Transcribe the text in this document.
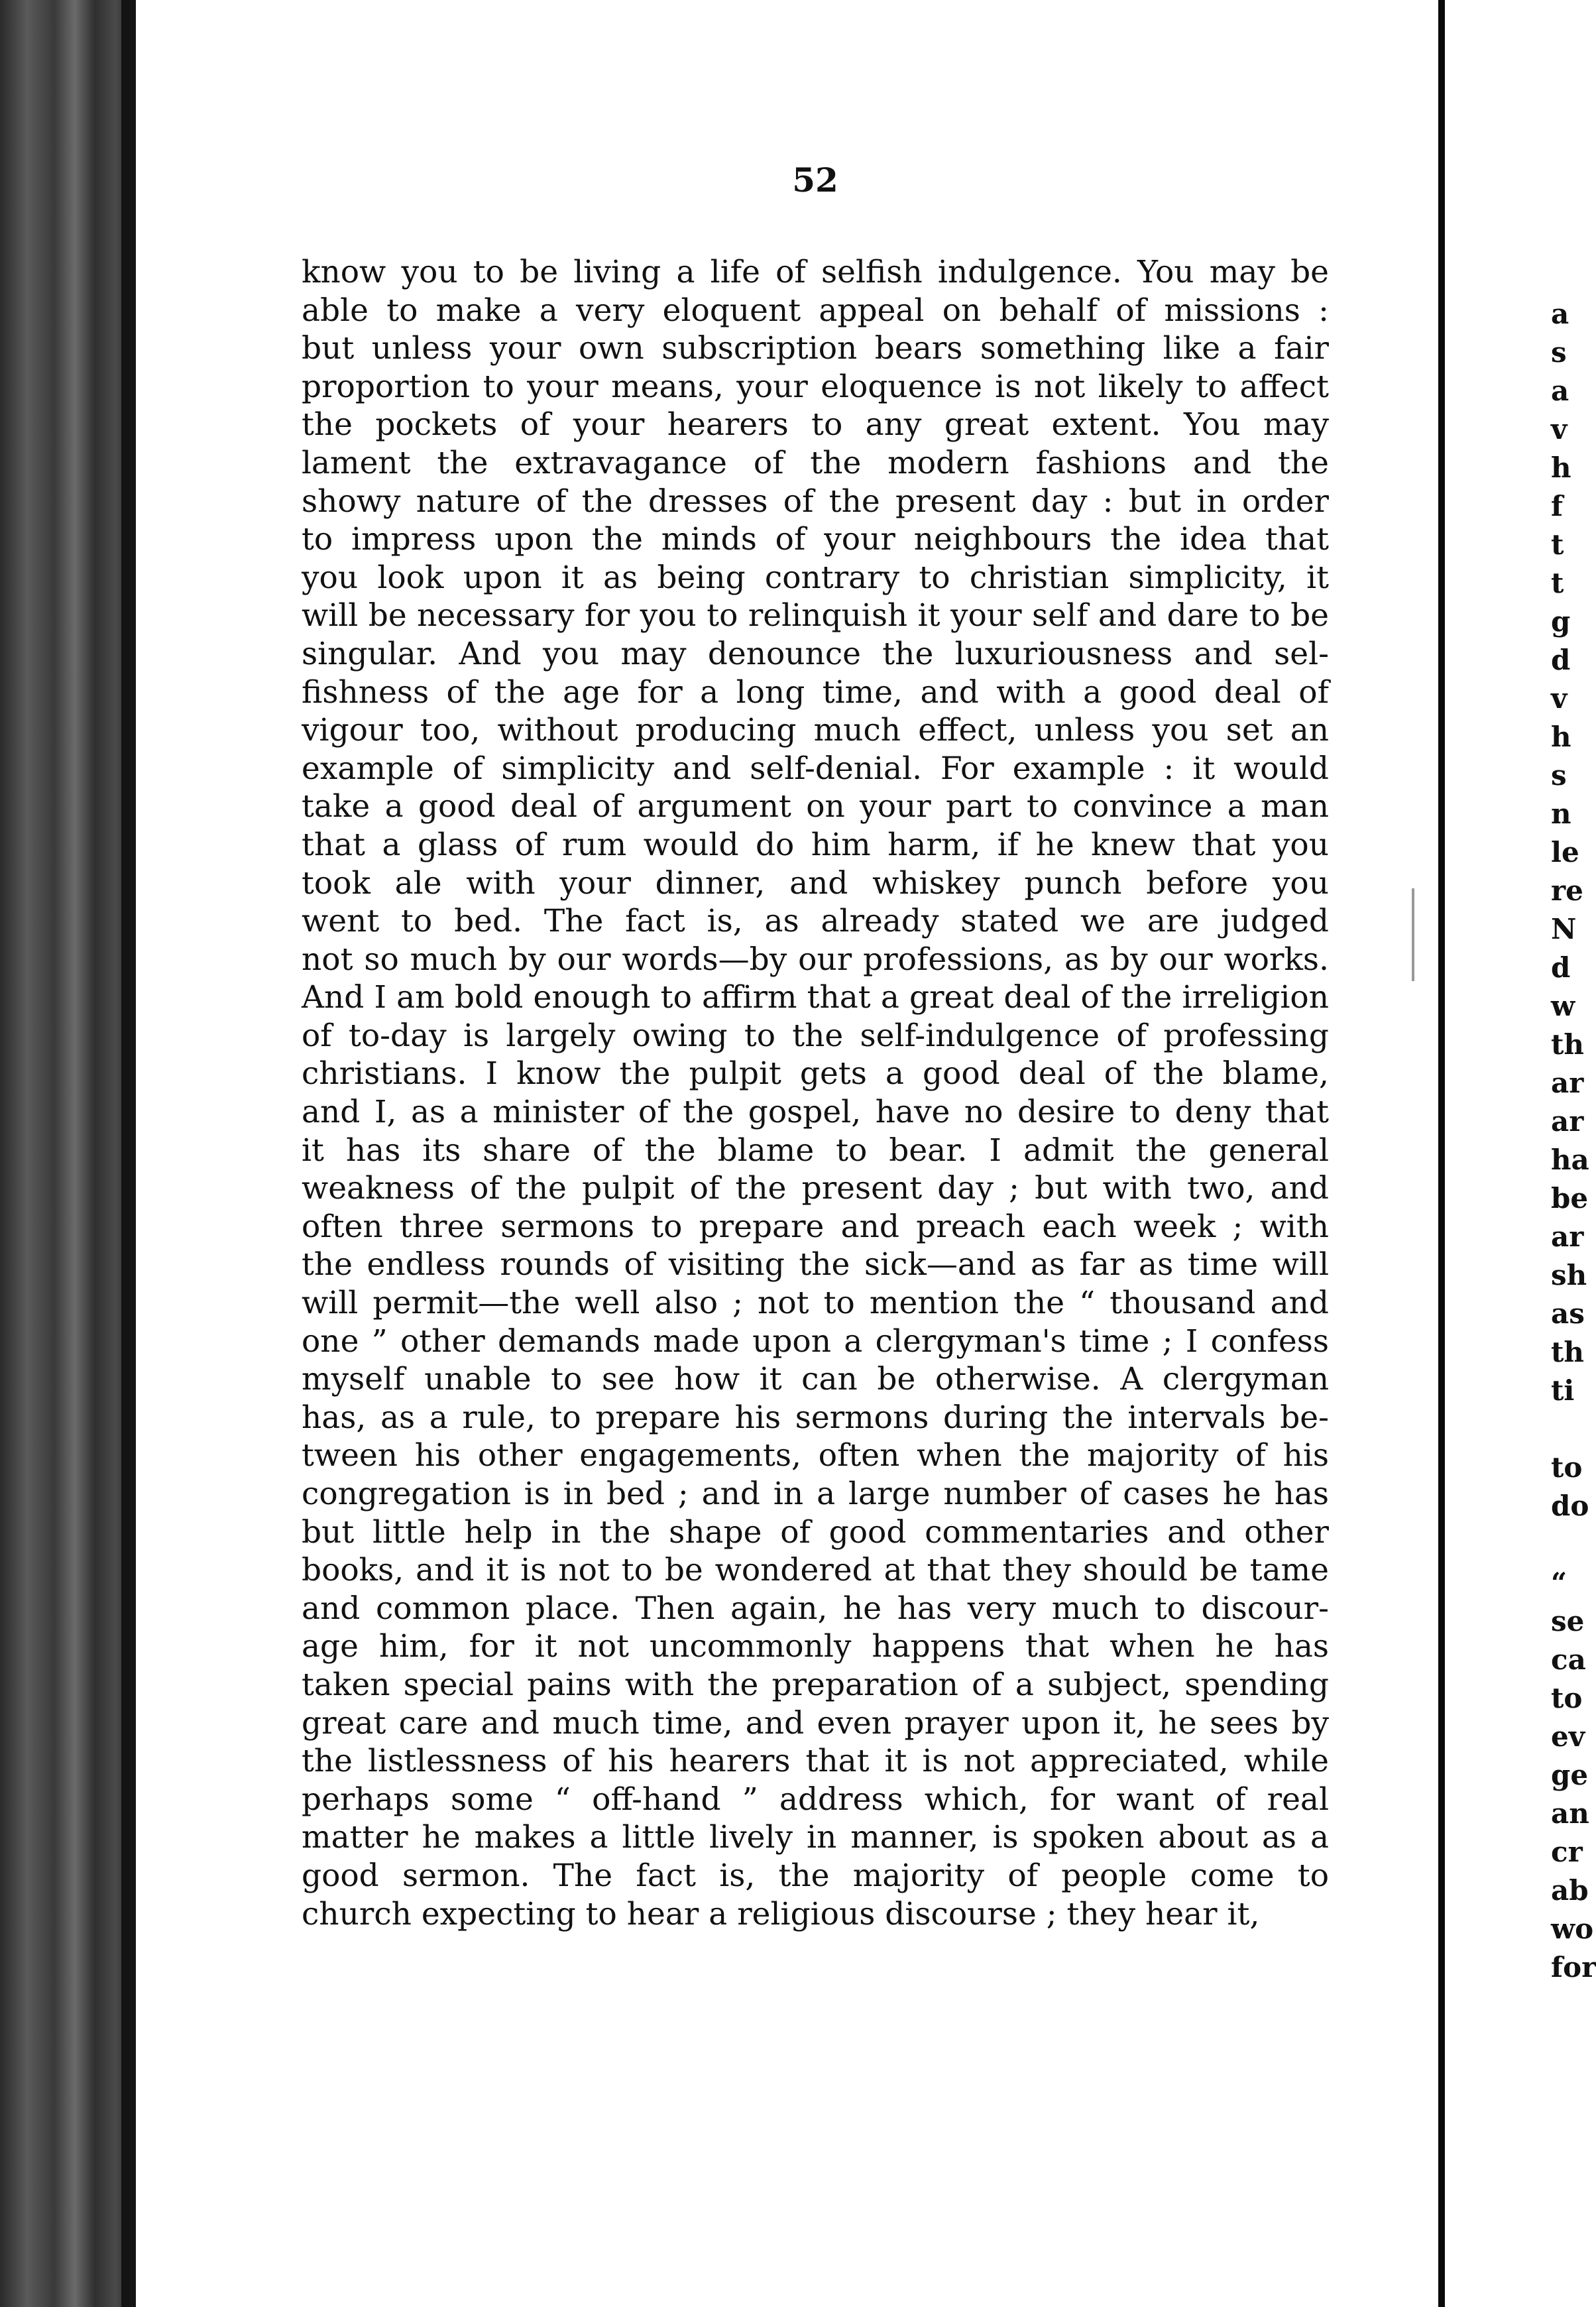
52
know you to be living a life of selfish indulgence. You may be
able to make a very eloquent appeal on behalf of missions :
but unless your own subscription bears something like a fair
proportion to your means, your eloquence is not likely to affect
the pockets of your hearers to any great extent. You may
lament the extravagance of the modern fashions and the
showy nature of the dresses of the present day : but in order
to impress upon the minds of your neighbours the idea that
you look upon it as being contrary to christian simplicity, it
will be necessary for you to relinquish it your self and dare to be
singular. And you may denounce the luxuriousness and sel-
fishness of the age for a long time, and with a good deal of
vigour too, without producing much effect, unless you set an
example of simplicity and self-denial. For example : it would
take a good deal of argument on your part to convince a man
that a glass of rum would do him harm, if he knew that you
took ale with your dinner, and whiskey punch before you
went to bed. The fact is, as already stated we are judged
not so much by our words—by our professions, as by our works.
And I am bold enough to affirm that a great deal of the irreligion
of to-day is largely owing to the self-indulgence of professing
christians. I know the pulpit gets a good deal of the blame,
and I, as a minister of the gospel, have no desire to deny that
it has its share of the blame to bear. I admit the general
weakness of the pulpit of the present day ; but with two, and
often three sermons to prepare and preach each week ; with
the endless rounds of visiting the sick—and as far as time will
will permit—the well also ; not to mention the “ thousand and
one ” other demands made upon a clergyman's time ; I confess
myself unable to see how it can be otherwise. A clergyman
has, as a rule, to prepare his sermons during the intervals be-
tween his other engagements, often when the majority of his
congregation is in bed ; and in a large number of cases he has
but little help in the shape of good commentaries and other
books, and it is not to be wondered at that they should be tame
and common place. Then again, he has very much to discour-
age him, for it not uncommonly happens that when he has
taken special pains with the preparation of a subject, spending
great care and much time, and even prayer upon it, he sees by
the listlessness of his hearers that it is not appreciated, while
perhaps some “ off-hand ” address which, for want of real
matter he makes a little lively in manner, is spoken about as a
good sermon. The fact is, the majority of people come to
church expecting to hear a religious discourse ; they hear it,
a
s
a
v
h
f
t
t
g
d
v
h
s
n
le
re
N
d
w
th
ar
ar
ha
be
ar
sh
as
th
ti

to
do

“
se
ca
to
ev
ge
an
cr
ab
wo
for
